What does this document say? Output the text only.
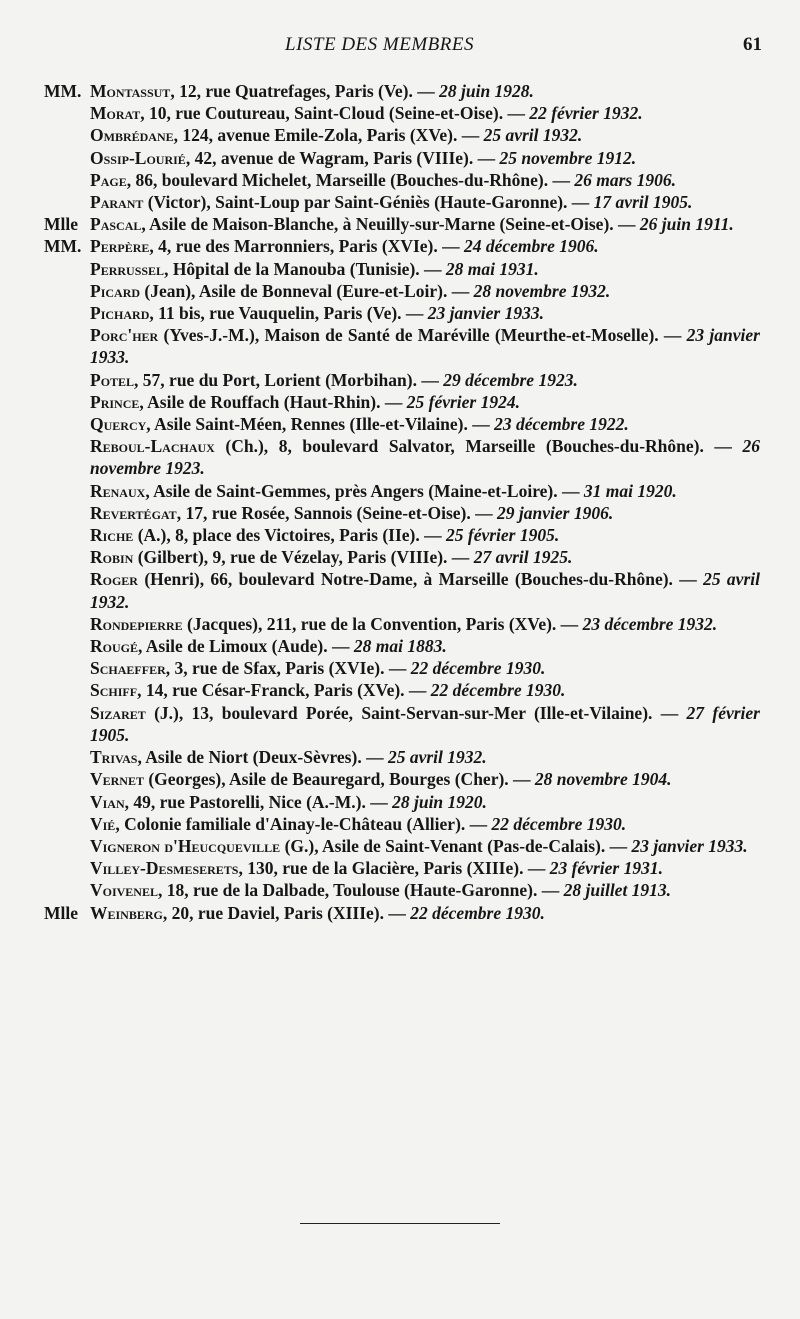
LISTE DES MEMBRES	61
MM. Montassut, 12, rue Quatrefages, Paris (Ve). — 28 juin 1928.
Morat, 10, rue Coutureau, Saint-Cloud (Seine-et-Oise). — 22 février 1932.
Ombrédane, 124, avenue Emile-Zola, Paris (XVe). — 25 avril 1932.
Ossip-Lourié, 42, avenue de Wagram, Paris (VIIIe). — 25 novembre 1912.
Page, 86, boulevard Michelet, Marseille (Bouches-du-Rhône). — 26 mars 1906.
Parant (Victor), Saint-Loup par Saint-Géniès (Haute-Garonne). — 17 avril 1905.
Mlle Pascal, Asile de Maison-Blanche, à Neuilly-sur-Marne (Seine-et-Oise). — 26 juin 1911.
MM. Perpère, 4, rue des Marronniers, Paris (XVIe). — 24 décembre 1906.
Perrussel, Hôpital de la Manouba (Tunisie). — 28 mai 1931.
Picard (Jean), Asile de Bonneval (Eure-et-Loir). — 28 novembre 1932.
Pichard, 11 bis, rue Vauquelin, Paris (Ve). — 23 janvier 1933.
Porc'her (Yves-J.-M.), Maison de Santé de Maréville (Meurthe-et-Moselle). — 23 janvier 1933.
Potel, 57, rue du Port, Lorient (Morbihan). — 29 décembre 1923.
Prince, Asile de Rouffach (Haut-Rhin). — 25 février 1924.
Quercy, Asile Saint-Méen, Rennes (Ille-et-Vilaine). — 23 décembre 1922.
Reboul-Lachaux (Ch.), 8, boulevard Salvator, Marseille (Bouches-du-Rhône). — 26 novembre 1923.
Renaux, Asile de Saint-Gemmes, près Angers (Maine-et-Loire). — 31 mai 1920.
Revertégat, 17, rue Rosée, Sannois (Seine-et-Oise). — 29 janvier 1906.
Riche (A.), 8, place des Victoires, Paris (IIe). — 25 février 1905.
Robin (Gilbert), 9, rue de Vézelay, Paris (VIIIe). — 27 avril 1925.
Roger (Henri), 66, boulevard Notre-Dame, à Marseille (Bouches-du-Rhône). — 25 avril 1932.
Rondepierre (Jacques), 211, rue de la Convention, Paris (XVe). — 23 décembre 1932.
Rougé, Asile de Limoux (Aude). — 28 mai 1883.
Schaeffer, 3, rue de Sfax, Paris (XVIe). — 22 décembre 1930.
Schiff, 14, rue César-Franck, Paris (XVe). — 22 décembre 1930.
Sizaret (J.), 13, boulevard Porée, Saint-Servan-sur-Mer (Ille-et-Vilaine). — 27 février 1905.
Trivas, Asile de Niort (Deux-Sèvres). — 25 avril 1932.
Vernet (Georges), Asile de Beauregard, Bourges (Cher). — 28 novembre 1904.
Vian, 49, rue Pastorelli, Nice (A.-M.). — 28 juin 1920.
Vié, Colonie familiale d'Ainay-le-Château (Allier). — 22 décembre 1930.
Vigneron d'Heucqueville (G.), Asile de Saint-Venant (Pas-de-Calais). — 23 janvier 1933.
Villey-Desmeserets, 130, rue de la Glacière, Paris (XIIIe). — 23 février 1931.
Voivenel, 18, rue de la Dalbade, Toulouse (Haute-Garonne). — 28 juillet 1913.
Mlle Weinberg, 20, rue Daviel, Paris (XIIIe). — 22 décembre 1930.
